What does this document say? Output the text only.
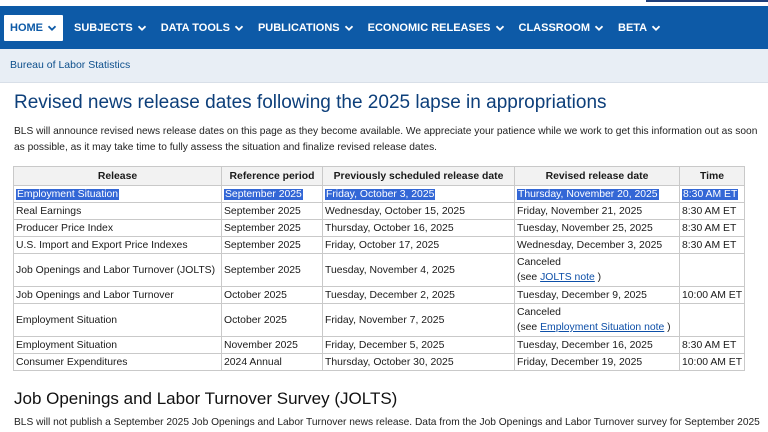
HOME	SUBJECTS	DATA TOOLS	PUBLICATIONS	ECONOMIC RELEASES	CLASSROOM	BETA
Bureau of Labor Statistics
Revised news release dates following the 2025 lapse in appropriations
BLS will announce revised news release dates on this page as they become available. We appreciate your patience while we work to get this information out as soon
as possible, as it may take time to fully assess the situation and finalize revised release dates.
Release	Reference period	Previously scheduled release date	Revised release date	Time
Employment Situation	September 2025	Friday, October 3, 2025	Thursday, November 20, 2025	8:30 AM ET
Real Earnings	September 2025	Wednesday, October 15, 2025	Friday, November 21, 2025	8:30 AM ET
Producer Price Index	September 2025	Thursday, October 16, 2025	Tuesday, November 25, 2025	8:30 AM ET
U.S. Import and Export Price Indexes	September 2025	Friday, October 17, 2025	Wednesday, December 3, 2025	8:30 AM ET
Job Openings and Labor Turnover (JOLTS)	September 2025	Tuesday, November 4, 2025	Canceled
(see JOLTS note )	

Job Openings and Labor Turnover	October 2025	Tuesday, December 2, 2025	Tuesday, December 9, 2025	10:00 AM ET
Employment Situation	October 2025	Friday, November 7, 2025	Canceled
(see Employment Situation note )	

Employment Situation	November 2025	Friday, December 5, 2025	Tuesday, December 16, 2025	8:30 AM ET
Consumer Expenditures	2024 Annual	Thursday, October 30, 2025	Friday, December 19, 2025	10:00 AM ET
Job Openings and Labor Turnover Survey (JOLTS)
BLS will not publish a September 2025 Job Openings and Labor Turnover news release. Data from the Job Openings and Labor Turnover survey for September 2025
